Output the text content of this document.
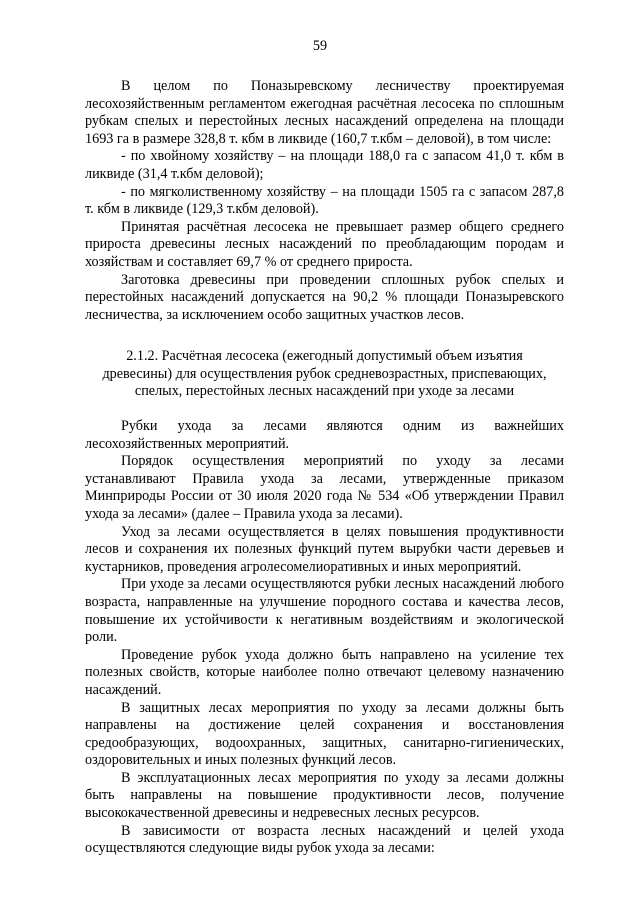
59

В целом по Поназыревскому лесничеству проектируемая лесохозяйственным регламентом ежегодная расчётная лесосека по сплошным рубкам спелых и перестойных лесных насаждений определена на площади 1693 га в размере 328,8 т. кбм в ликвиде (160,7 т.кбм – деловой), в том числе:

- по хвойному хозяйству – на площади 188,0 га с запасом 41,0 т. кбм в ликвиде (31,4 т.кбм деловой);

- по мягколиственному хозяйству – на площади 1505 га с запасом 287,8 т. кбм в ликвиде (129,3 т.кбм деловой).

Принятая расчётная лесосека не превышает размер общего среднего прироста древесины лесных насаждений по преобладающим породам и хозяйствам и составляет 69,7 % от среднего прироста.

Заготовка древесины при проведении сплошных рубок спелых и перестойных насаждений допускается на 90,2 % площади Поназыревского лесничества, за исключением особо защитных участков лесов.

2.1.2. Расчётная лесосека (ежегодный допустимый объем изъятия

древесины) для осуществления рубок средневозрастных, приспевающих,

спелых, перестойных лесных насаждений при уходе за лесами

Рубки ухода за лесами являются одним из важнейших лесохозяйственных мероприятий.

Порядок осуществления мероприятий по уходу за лесами устанавливают Правила ухода за лесами, утвержденные приказом Минприроды России от 30 июля 2020 года № 534 «Об утверждении Правил ухода за лесами» (далее – Правила ухода за лесами).

Уход за лесами осуществляется в целях повышения продуктивности лесов и сохранения их полезных функций путем вырубки части деревьев и кустарников, проведения агролесомелиоративных и иных мероприятий.

При уходе за лесами осуществляются рубки лесных насаждений любого возраста, направленные на улучшение породного состава и качества лесов, повышение их устойчивости к негативным воздействиям и экологической роли.

Проведение рубок ухода должно быть направлено на усиление тех полезных свойств, которые наиболее полно отвечают целевому назначению насаждений.

В защитных лесах мероприятия по уходу за лесами должны быть направлены на достижение целей сохранения и восстановления средообразующих, водоохранных, защитных, санитарно-гигиенических, оздоровительных и иных полезных функций лесов.

В эксплуатационных лесах мероприятия по уходу за лесами должны быть направлены на повышение продуктивности лесов, получение высококачественной древесины и недревесных лесных ресурсов.

В зависимости от возраста лесных насаждений и целей ухода осуществляются следующие виды рубок ухода за лесами:
